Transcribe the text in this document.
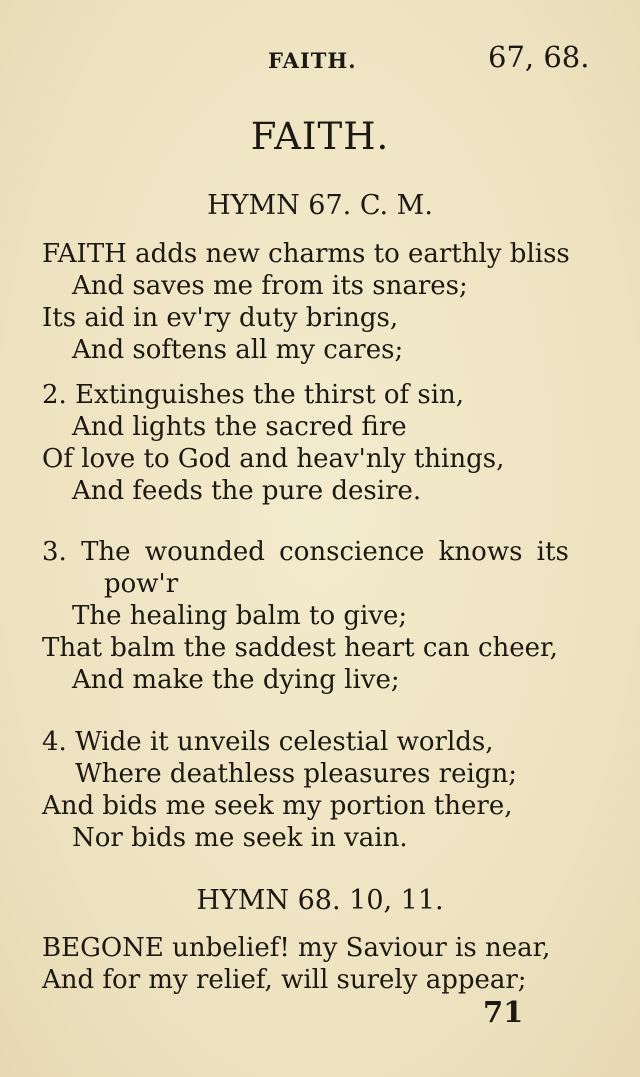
FAITH.	67, 68.
FAITH.
HYMN 67. C. M.
FAITH adds new charms to earthly bliss
And saves me from its snares;
Its aid in ev'ry duty brings,
And softens all my cares;
2. Extinguishes the thirst of sin,
And lights the sacred fire
Of love to God and heav'nly things,
And feeds the pure desire.
3. The wounded conscience knows its
pow'r
The healing balm to give;
That balm the saddest heart can cheer,
And make the dying live;
4. Wide it unveils celestial worlds,
Where deathless pleasures reign;
And bids me seek my portion there,
Nor bids me seek in vain.
HYMN 68. 10, 11.
BEGONE unbelief! my Saviour is near,
And for my relief, will surely appear;
71
